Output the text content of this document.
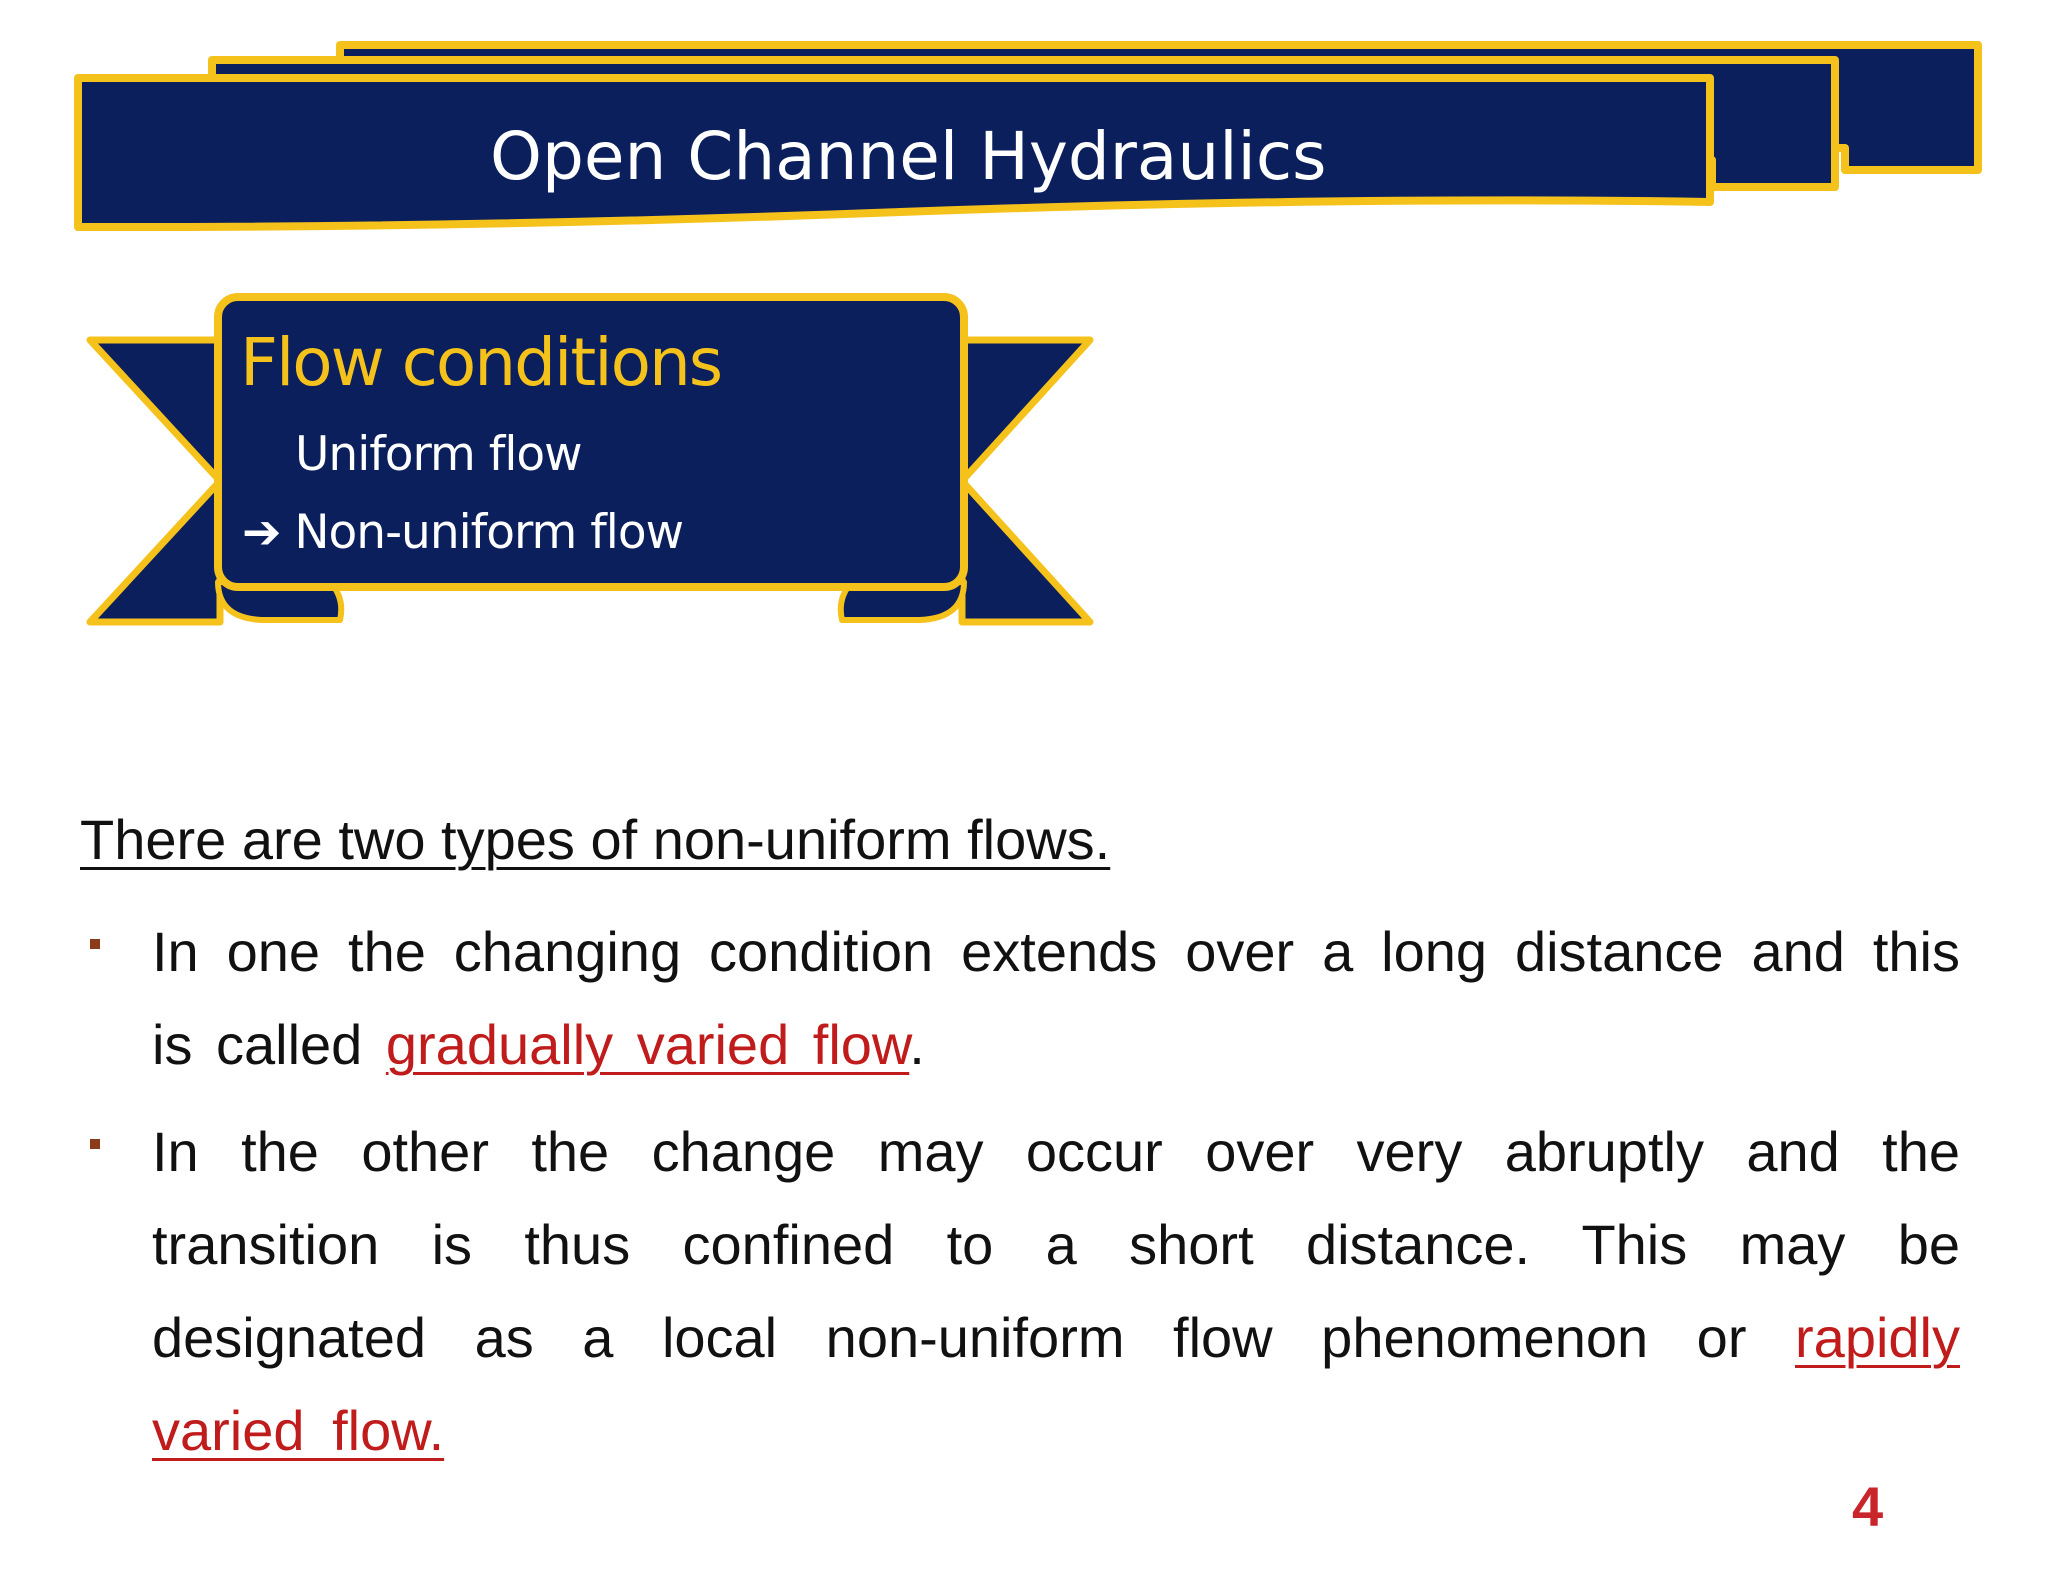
Open Channel Hydraulics
Flow conditions
Uniform flow
➔ Non-uniform flow
There are two types of non-uniform flows.
In one the changing condition extends over a long distance and this is called gradually varied flow.
In the other the change may occur over very abruptly and the transition is thus confined to a short distance. This may be designated as a local non-uniform flow phenomenon or rapidly varied flow.
4
